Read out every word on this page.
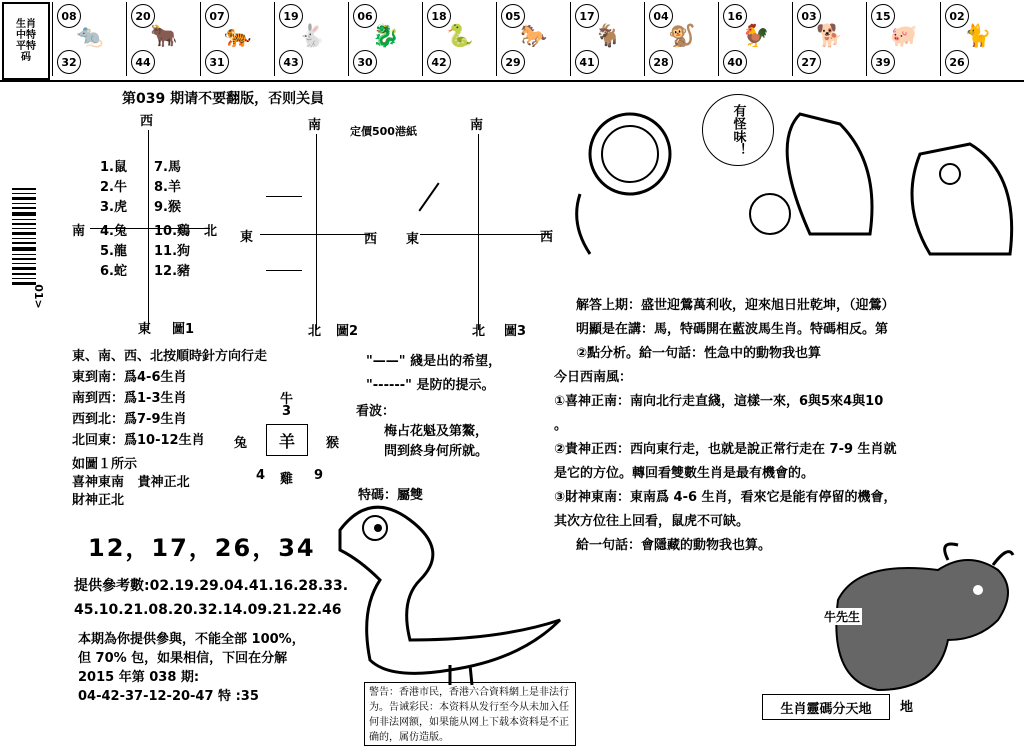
生肖
中特
平特
码
08
32
🐀
20
44
🐂
07
31
🐅
19
43
🐇
06
30
🐉
18
42
🐍
05
29
🐎
17
41
🐐
04
28
🐒
16
40
🐓
03
27
🐕
15
39
🐖
02
26
🐈
第039 期请不要翻版，否则关員
定價500港紙
01>
西
南	北
1.鼠
2.牛
3.虎
4.兔
5.龍
6.蛇
7.馬
8.羊
9.猴
10.鷄
11.狗
12.豬
東 圖1
南
東	西
北 圖2
南
東	西
北 圖3
東、南、西、北按順時針方向行走
東到南：爲4-6生肖
南到西：爲1-3生肖
西到北：爲7-9生肖
北回東：爲10-12生肖
"——" 綫是出的希望，
"------" 是防的提示。
牛
3
兔	羊	猴
4 雞 9
如圖１所示
喜神東南 貴神正北
財神正北
看波：
梅占花魁及第鰲，
問到終身何所就。
特碼：屬雙
12，17，26，34
提供參考數:02.19.29.04.41.16.28.33.
45.10.21.08.20.32.14.09.21.22.46
本期為你提供參與，不能全部 100%，
但 70% 包，如果相信，下回在分解
2015 年第 038 期:
04-42-37-12-20-47 特 :35	警告：香港市民，香港六合資料網上是非法行为。告诫彩民：本资料从发行至今从未加入任何非法网额，如果能从网上下载本资料是不正确的，属仿造版。
有怪味！
解答上期：盛世迎鶯萬利收，迎來旭日壯乾坤，（迎鶯）
明顯是在講：馬，特碼開在藍波馬生肖。特碼相反。第
②點分析。給一句話：性急中的動物我也算
今日西南風：
①喜神正南：南向北行走直綫，這樣一來，6與5來4與10
。
②貴神正西：西向東行走，也就是說正常行走在 7-9 生肖就
是它的方位。轉回看雙數生肖是最有機會的。
③財神東南：東南爲 4-6 生肖，看來它是能有停留的機會，
其次方位往上回看，鼠虎不可缺。
給一句話：會隱藏的動物我也算。
牛先生
生肖靈碼分天地	地
